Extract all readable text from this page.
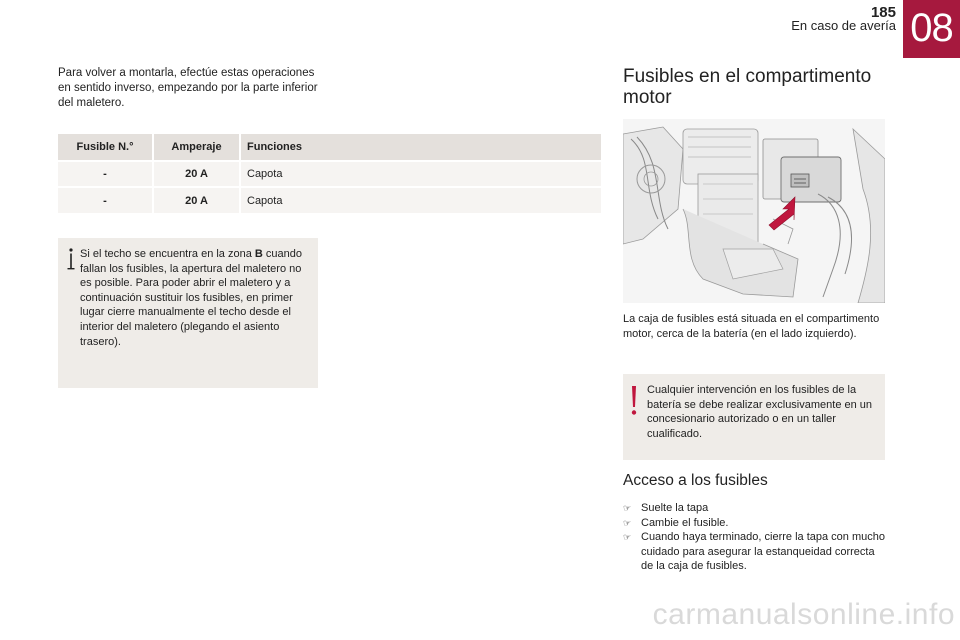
185
En caso de avería 08

Para volver a montarla, efectúe estas operaciones en sentido inverso, empezando por la parte inferior del maletero.

Fusible N.°	Amperaje	Funciones
-	20 A	Capota
-	20 A	Capota

Si el techo se encuentra en la zona B cuando fallan los fusibles, la apertura del maletero no es posible. Para poder abrir el maletero y a continuación sustituir los fusibles, en primer lugar cierre manualmente el techo desde el interior del maletero (plegando el asiento trasero).

Fusibles en el compartimento motor

La caja de fusibles está situada en el compartimento motor, cerca de la batería (en el lado izquierdo).

Cualquier intervención en los fusibles de la batería se debe realizar exclusivamente en un concesionario autorizado o en un taller cualificado.

Acceso a los fusibles
☞ Suelte la tapa
☞ Cambie el fusible.
☞ Cuando haya terminado, cierre la tapa con mucho cuidado para asegurar la estanqueidad correcta de la caja de fusibles.
carmanualsonline.info
